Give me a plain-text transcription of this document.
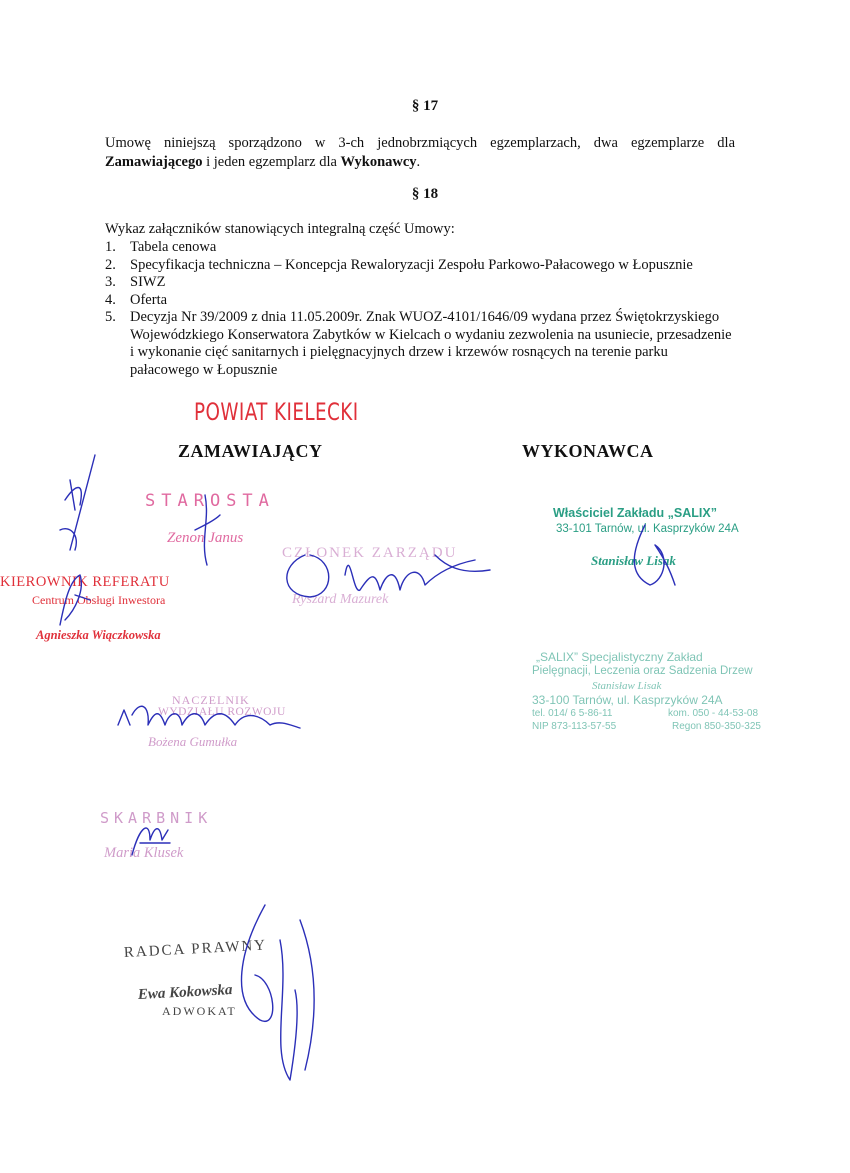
§ 17
Umowę niniejszą sporządzono w 3-ch jednobrzmiących egzemplarzach, dwa egzemplarze dla Zamawiającego i jeden egzemplarz dla Wykonawcy.
§ 18
Wykaz załączników stanowiących integralną część Umowy:
1. Tabela cenowa
2. Specyfikacja techniczna – Koncepcja Rewaloryzacji Zespołu Parkowo-Pałacowego w Łopusznie
3. SIWZ
4. Oferta
5. Decyzja Nr 39/2009 z dnia 11.05.2009r. Znak WUOZ-4101/1646/09 wydana przez Świętokrzyskiego Wojewódzkiego Konserwatora Zabytków w Kielcach o wydaniu zezwolenia na usuniecie, przesadzenie i wykonanie cięć sanitarnych i pielęgnacyjnych drzew i krzewów rosnących na terenie parku pałacowego w Łopusznie
POWIAT KIELECKI
ZAMAWIAJĄCY	WYKONAWCA
STAROSTA
Zenon Janus
CZŁONEK ZARZĄDU
Ryszard Mazurek
KIEROWNIK REFERATU
Centrum Obsługi Inwestora
Agnieszka Wiączkowska
NACZELNIK
WYDZIAŁU ROZWOJU
Bożena Gumułka
SKARBNIK
Maria Klusek
RADCA PRAWNY
Ewa Kokowska
ADWOKAT
Właściciel Zakładu „SALIX”
33-101 Tarnów, ul. Kasprzyków 24A
Stanisław Lisak
„SALIX” Specjalistyczny Zakład
Pielęgnacji, Leczenia oraz Sadzenia Drzew
Stanisław Lisak
33-100 Tarnów, ul. Kasprzyków 24A
tel. 014/ 6 5-86-11	kom. 050 - 44-53-08
NIP 873-113-57-55	Regon 850-350-325
